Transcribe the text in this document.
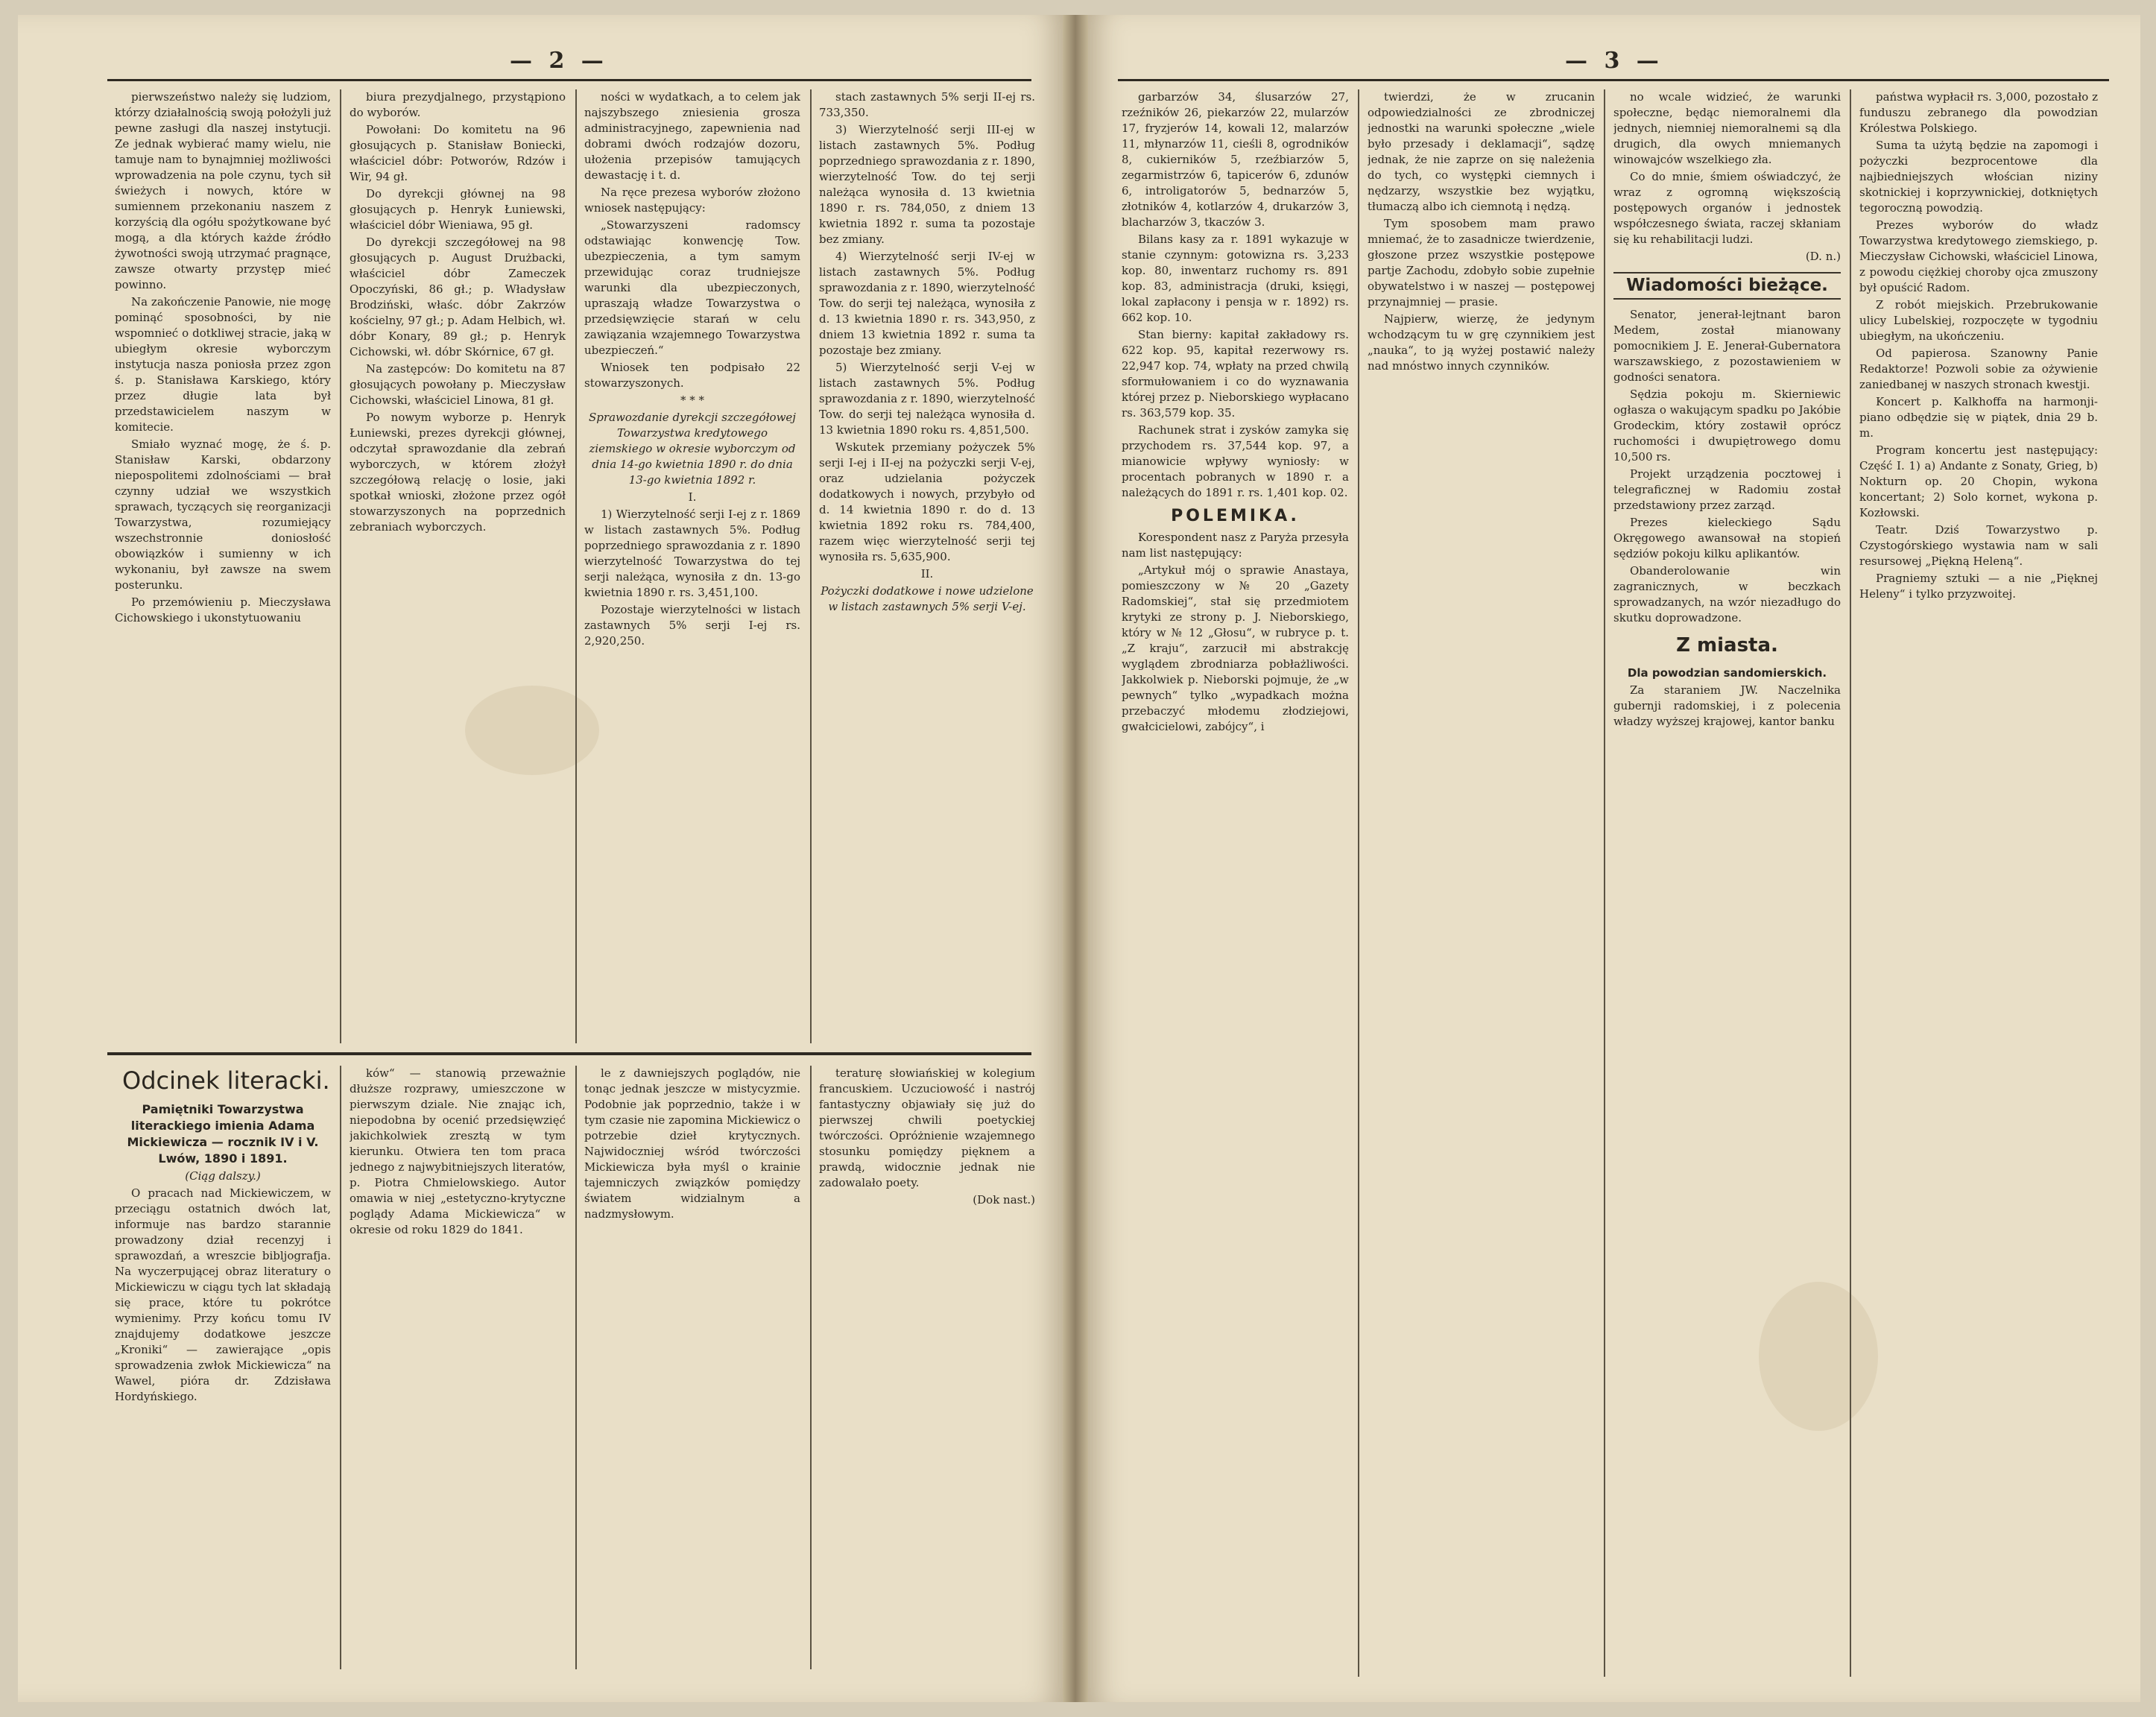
— 2 —

pierwszeństwo należy się ludziom, którzy działalnością swoją położyli już pewne zasługi dla naszej instytucji. Ze jednak wybierać mamy wielu, nie tamuje nam to bynajmniej możliwości wprowadzenia na pole czynu, tych sił świeżych i nowych, które w sumiennem przekonaniu naszem z korzyścią dla ogółu spożytkowane być mogą, a dla których każde źródło żywotności swoją utrzymać pragnące, zawsze otwarty przystęp mieć powinno.

Na zakończenie Panowie, nie mogę pominąć sposobności, by nie wspomnieć o dotkliwej stracie, jaką w ubiegłym okresie wyborczym instytucja nasza poniosła przez zgon ś. p. Stanisława Karskiego, który przez długie lata był przedstawicielem naszym w komitecie.

Smiało wyznać mogę, że ś. p. Stanisław Karski, obdarzony niepospolitemi zdolnościami — brał czynny udział we wszystkich sprawach, tyczących się reorganizacji Towarzystwa, rozumiejący wszechstronnie doniosłość obowiązków i sumienny w ich wykonaniu, był zawsze na swem posterunku.

Po przemówieniu p. Mieczysława Cichowskiego i ukonstytuowaniu

biura prezydjalnego, przystąpiono do wyborów.

Powołani: Do komitetu na 96 głosujących p. Stanisław Boniecki, właściciel dóbr: Potworów, Rdzów i Wir, 94 gł.

Do dyrekcji głównej na 98 głosujących p. Henryk Łuniewski, właściciel dóbr Wieniawa, 95 gł.

Do dyrekcji szczegółowej na 98 głosujących p. August Drużbacki, właściciel dóbr Zameczek Opoczyński, 86 gł.; p. Władysław Brodziński, właśc. dóbr Zakrzów kościelny, 97 gł.; p. Adam Helbich, wł. dóbr Konary, 89 gł.; p. Henryk Cichowski, wł. dóbr Skórnice, 67 gł.

Na zastępców: Do komitetu na 87 głosujących powołany p. Mieczysław Cichowski, właściciel Linowa, 81 gł.

Po nowym wyborze p. Henryk Łuniewski, prezes dyrekcji głównej, odczytał sprawozdanie dla zebrań wyborczych, w którem złożył szczegółową relację o losie, jaki spotkał wnioski, złożone przez ogół stowarzyszonych na poprzednich zebraniach wyborczych.

ności w wydatkach, a to celem jak najszybszego zniesienia grosza administracyjnego, zapewnienia nad dobrami dwóch rodzajów dozoru, ułożenia przepisów tamujących dewastację i t. d.

Na ręce prezesa wyborów złożono wniosek następujący:

„Stowarzyszeni radomscy odstawiając konwencję Tow. ubezpieczenia, a tym samym przewidując coraz trudniejsze warunki dla ubezpieczonych, upraszają władze Towarzystwa o przedsięwzięcie starań w celu zawiązania wzajemnego Towarzystwa ubezpieczeń.“

Wniosek ten podpisało 22 stowarzyszonych.

* * *

Sprawozdanie dyrekcji szczegółowej Towarzystwa kredytowego ziemskiego w okresie wyborczym od dnia 14-go kwietnia 1890 r. do dnia 13-go kwietnia 1892 r.

I.

1) Wierzytelność serji I-ej z r. 1869 w listach zastawnych 5%. Podług poprzedniego sprawozdania z r. 1890 wierzytelność Towarzystwa do tej serji należąca, wynosiła z dn. 13-go kwietnia 1890 r. rs. 3,451,100.

Pozostaje wierzytelności w listach zastawnych 5% serji I-ej rs. 2,920,250.

stach zastawnych 5% serji II-ej rs. 733,350.

3) Wierzytelność serji III-ej w listach zastawnych 5%. Podług poprzedniego sprawozdania z r. 1890, wierzytelność Tow. do tej serji należąca wynosiła d. 13 kwietnia 1890 r. rs. 784,050, z dniem 13 kwietnia 1892 r. suma ta pozostaje bez zmiany.

4) Wierzytelność serji IV-ej w listach zastawnych 5%. Podług sprawozdania z r. 1890, wierzytelność Tow. do serji tej należąca, wynosiła z d. 13 kwietnia 1890 r. rs. 343,950, z dniem 13 kwietnia 1892 r. suma ta pozostaje bez zmiany.

5) Wierzytelność serji V-ej w listach zastawnych 5%. Podług sprawozdania z r. 1890, wierzytelność Tow. do serji tej należąca wynosiła d. 13 kwietnia 1890 roku rs. 4,851,500.

Wskutek przemiany pożyczek 5% serji I-ej i II-ej na pożyczki serji V-ej, oraz udzielania pożyczek dodatkowych i nowych, przybyło od d. 14 kwietnia 1890 r. do d. 13 kwietnia 1892 roku rs. 784,400, razem więc wierzytelność serji tej wynosiła rs. 5,635,900.

II.

Pożyczki dodatkowe i nowe udzielone w listach zastawnych 5% serji V-ej.

Odcinek literacki.

Pamiętniki Towarzystwa literackiego imienia Adama Mickiewicza — rocznik IV i V. Lwów, 1890 i 1891.

(Ciąg dalszy.)

O pracach nad Mickiewiczem, w przeciągu ostatnich dwóch lat, informuje nas bardzo starannie prowadzony dział recenzyj i sprawozdań, a wreszcie bibljografja. Na wyczerpującej obraz literatury o Mickiewiczu w ciągu tych lat składają się prace, które tu pokrótce wymienimy. Przy końcu tomu IV znajdujemy dodatkowe jeszcze „Kroniki“ — zawierające „opis sprowadzenia zwłok Mickiewicza“ na Wawel, pióra dr. Zdzisława Hordyńskiego.

ków“ — stanowią przeważnie dłuższe rozprawy, umieszczone w pierwszym dziale. Nie znając ich, niepodobna by ocenić przedsięwzięć jakichkolwiek zresztą w tym kierunku. Otwiera ten tom praca jednego z najwybitniejszych literatów, p. Piotra Chmielowskiego. Autor omawia w niej „estetyczno-krytyczne poglądy Adama Mickiewicza“ w okresie od roku 1829 do 1841.

le z dawniejszych poglądów, nie tonąc jednak jeszcze w mistycyzmie. Podobnie jak poprzednio, także i w tym czasie nie zapomina Mickiewicz o potrzebie dzieł krytycznych. Najwidoczniej wśród twórczości Mickiewicza była myśl o krainie tajemniczych związków pomiędzy światem widzialnym a nadzmysłowym.

teraturę słowiańskiej w kolegium francuskiem. Uczuciowość i nastrój fantastyczny objawiały się już do pierwszej chwili poetyckiej twórczości. Opróżnienie wzajemnego stosunku pomiędzy pięknem a prawdą, widocznie jednak nie zadowalało poety.

(Dok nast.)

— 3 —

garbarzów 34, ślusarzów 27, rzeźników 26, piekarzów 22, mularzów 17, fryzjerów 14, kowali 12, malarzów 11, młynarzów 11, cieśli 8, ogrodników 8, cukierników 5, rzeźbiarzów 5, zegarmistrzów 6, tapicerów 6, zdunów 6, introligatorów 5, bednarzów 5, złotników 4, kotlarzów 4, drukarzów 3, blacharzów 3, tkaczów 3.

Bilans kasy za r. 1891 wykazuje w stanie czynnym: gotowizna rs. 3,233 kop. 80, inwentarz ruchomy rs. 891 kop. 83, administracja (druki, księgi, lokal zapłacony i pensja w r. 1892) rs. 662 kop. 10.

Stan bierny: kapitał zakładowy rs. 622 kop. 95, kapitał rezerwowy rs. 22,947 kop. 74, wpłaty na przed chwilą sformułowaniem i co do wyznawania której przez p. Nieborskiego wypłacano rs. 363,579 kop. 35.

Rachunek strat i zysków zamyka się przychodem rs. 37,544 kop. 97, a mianowicie wpływy wyniosły: w procentach pobranych w 1890 r. a należących do 1891 r. rs. 1,401 kop. 02.

POLEMIKA.

Korespondent nasz z Paryża przesyła nam list następujący:

„Artykuł mój o sprawie Anastaya, pomieszczony w № 20 „Gazety Radomskiej“, stał się przedmiotem krytyki ze strony p. J. Nieborskiego, który w № 12 „Głosu“, w rubryce p. t. „Z kraju“, zarzucił mi abstrakcję wyglądem zbrodniarza pobłażliwości. Jakkolwiek p. Nieborski pojmuje, że „w pewnych“ tylko „wypadkach można przebaczyć młodemu złodziejowi, gwałcicielowi, zabójcy“, i

twierdzi, że w zrucanin odpowiedzialności ze zbrodniczej jednostki na warunki społeczne „wiele było przesady i deklamacji“, sądzę jednak, że nie zaprze on się należenia do tych, co występki ciemnych i nędzarzy, wszystkie bez wyjątku, tłumaczą albo ich ciemnotą i nędzą.

Tym sposobem mam prawo mniemać, że to zasadnicze twierdzenie, głoszone przez wszystkie postępowe partje Zachodu, zdobyło sobie zupełnie obywatelstwo i w naszej — postępowej przynajmniej — prasie.

Najpierw, wierzę, że jedynym wchodzącym tu w grę czynnikiem jest „nauka“, to ją wyżej postawić należy nad mnóstwo innych czynników.

no wcale widzieć, że warunki społeczne, będąc niemoralnemi dla jednych, niemniej niemoralnemi są dla drugich, dla owych mniemanych winowajców wszelkiego zła.

Co do mnie, śmiem oświadczyć, że wraz z ogromną większością postępowych organów i jednostek współczesnego świata, raczej skłaniam się ku rehabilitacji ludzi.

(D. n.)

Wiadomości bieżące.

Senator, jenerał-lejtnant baron Medem, został mianowany pomocnikiem J. E. Jenerał-Gubernatora warszawskiego, z pozostawieniem w godności senatora.

Sędzia pokoju m. Skierniewic ogłasza o wakującym spadku po Jakóbie Grodeckim, który zostawił oprócz ruchomości i dwupiętrowego domu 10,500 rs.

Projekt urządzenia pocztowej i telegraficznej w Radomiu został przedstawiony przez zarząd.

Prezes kieleckiego Sądu Okręgowego awansował na stopień sędziów pokoju kilku aplikantów.

Obanderolowanie win zagranicznych, w beczkach sprowadzanych, na wzór niezadługo do skutku doprowadzone.

Z miasta.

Dla powodzian sandomierskich.

Za staraniem JW. Naczelnika gubernji radomskiej, i z polecenia władzy wyższej krajowej, kantor banku

państwa wypłacił rs. 3,000, pozostało z funduszu zebranego dla powodzian Królestwa Polskiego.

Suma ta użytą będzie na zapomogi i pożyczki bezprocentowe dla najbiedniejszych włościan niziny skotnickiej i koprzywnickiej, dotkniętych tegoroczną powodzią.

Prezes wyborów do władz Towarzystwa kredytowego ziemskiego, p. Mieczysław Cichowski, właściciel Linowa, z powodu ciężkiej choroby ojca zmuszony był opuścić Radom.

Z robót miejskich. Przebrukowanie ulicy Lubelskiej, rozpoczęte w tygodniu ubiegłym, na ukończeniu.

Od papierosa. Szanowny Panie Redaktorze! Pozwoli sobie za ożywienie zaniedbanej w naszych stronach kwestji.

Koncert p. Kalkhoffa na harmonji-piano odbędzie się w piątek, dnia 29 b. m.

Program koncertu jest następujący: Część I. 1) a) Andante z Sonaty, Grieg, b) Nokturn op. 20 Chopin, wykona koncertant; 2) Solo kornet, wykona p. Kozłowski.

Teatr. Dziś Towarzystwo p. Czystogórskiego wystawia nam w sali resursowej „Piękną Heleną“.

Pragniemy sztuki — a nie „Pięknej Heleny“ i tylko przyzwoitej.
